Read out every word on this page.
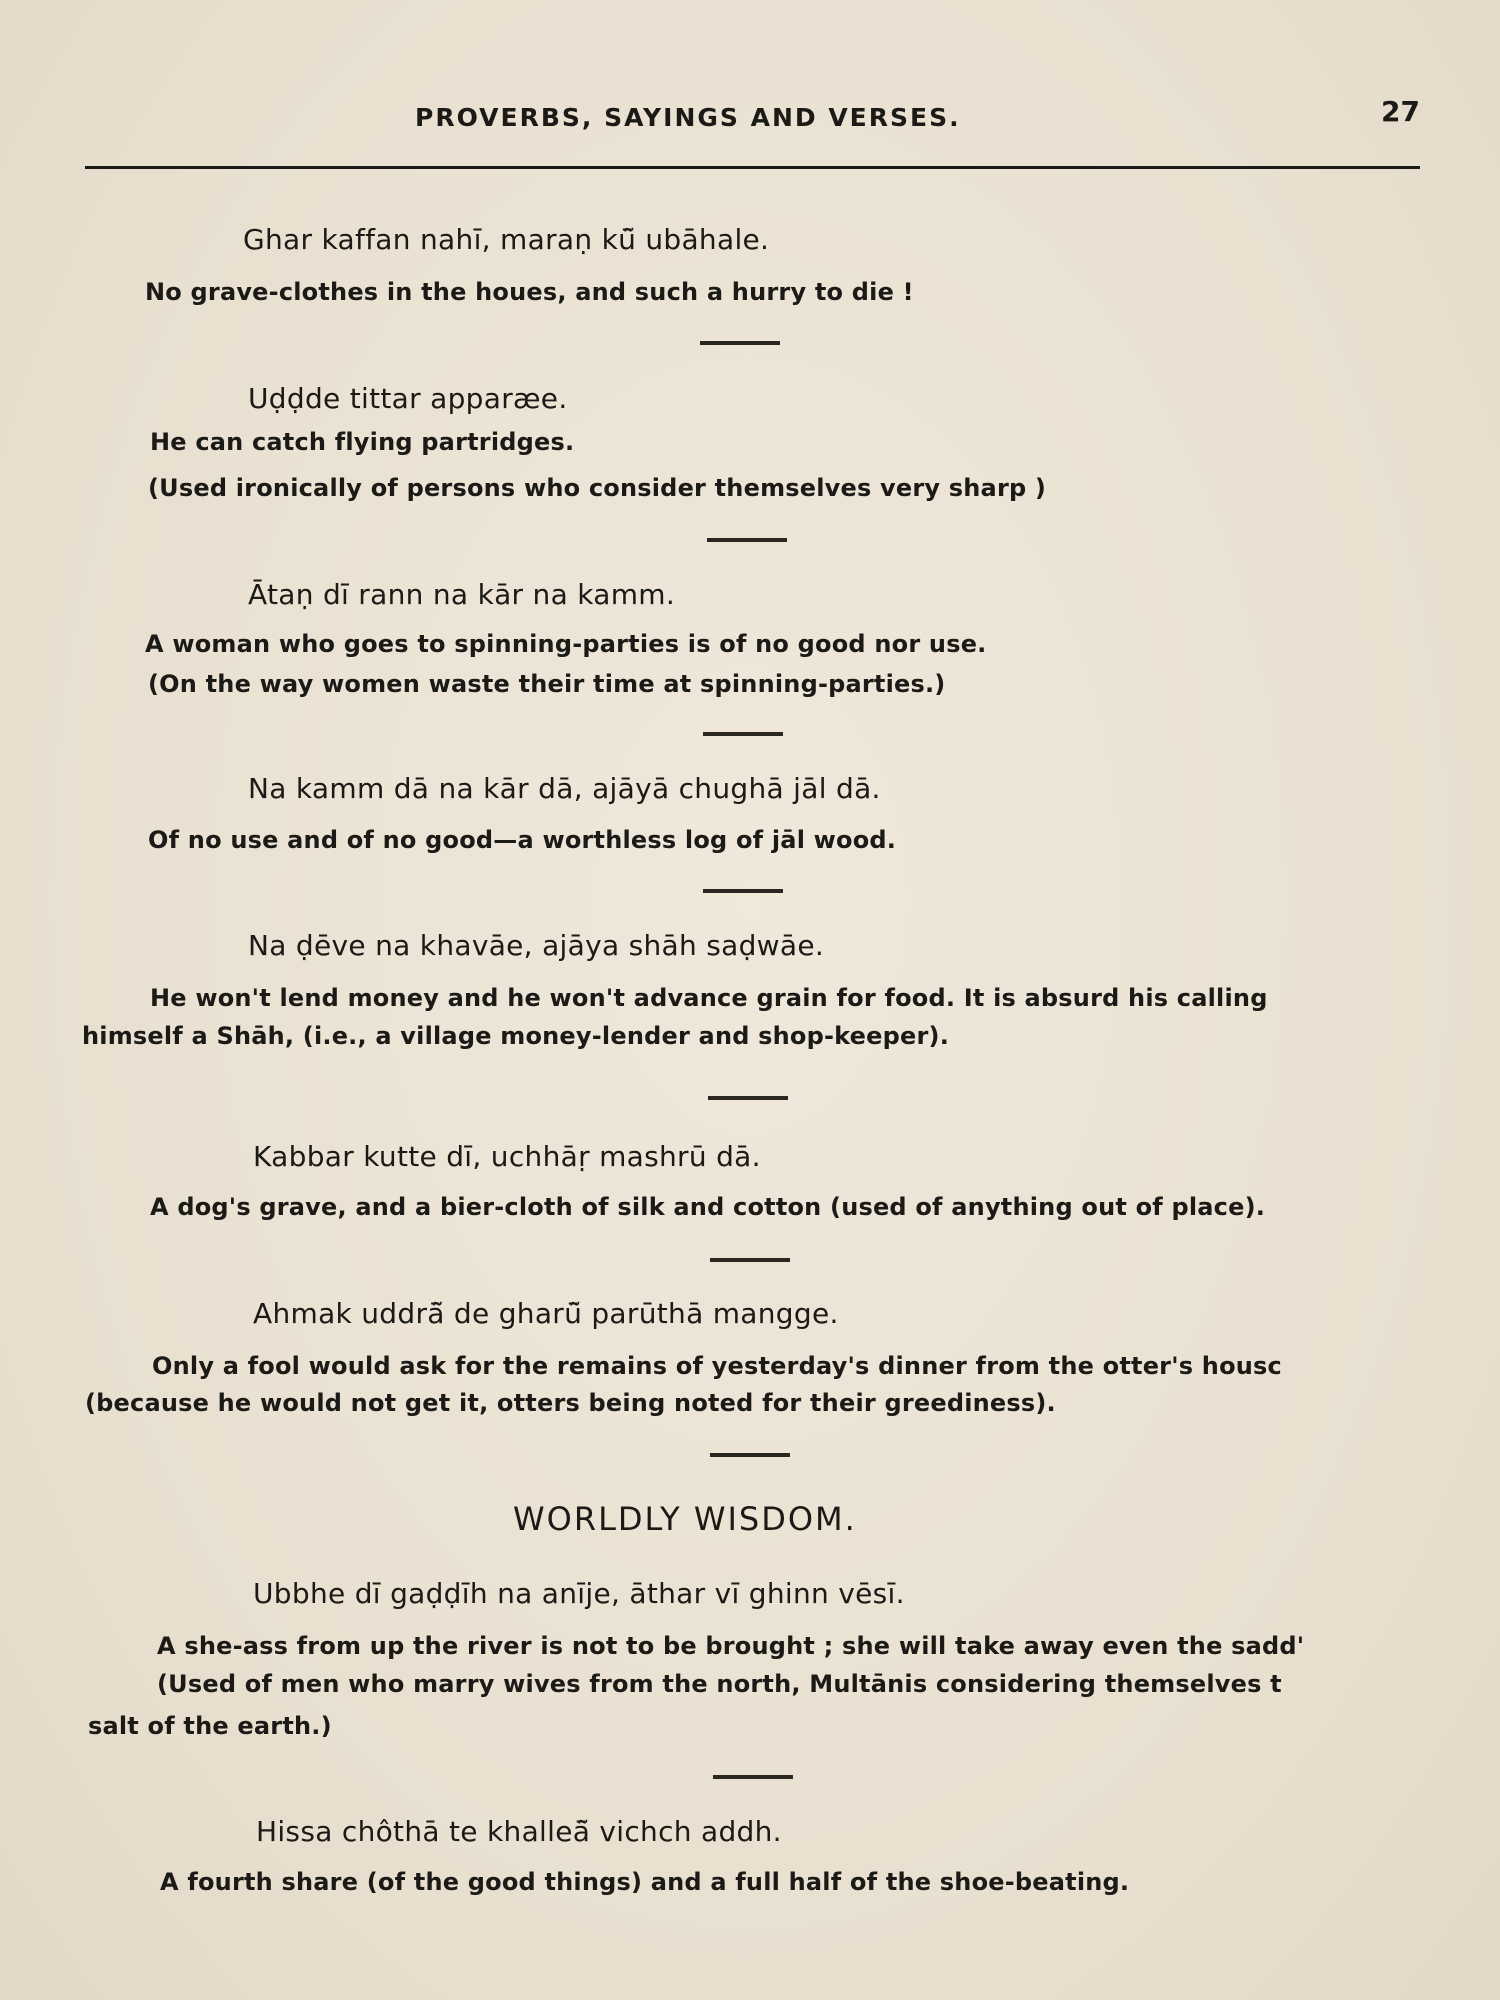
PROVERBS, SAYINGS AND VERSES.	27
Ghar kaffan nahī, maraṇ kū̃ ubāhale.
No grave-clothes in the houes, and such a hurry to die !
Uḍḍde tittar apparæe.
He can catch flying partridges.
(Used ironically of persons who consider themselves very sharp )
Ātaṇ dī rann na kār na kamm.
A woman who goes to spinning-parties is of no good nor use.
(On the way women waste their time at spinning-parties.)
Na kamm dā na kār dā, ajāyā chughā jāl dā.
Of no use and of no good—a worthless log of jāl wood.
Na ḍēve na khavāe, ajāya shāh saḍwāe.
He won't lend money and he won't advance grain for food. It is absurd his calling
himself a Shāh, (i.e., a village money-lender and shop-keeper).
Kabbar kutte dī, uchhāṛ mashrū dā.
A dog's grave, and a bier-cloth of silk and cotton (used of anything out of place).
Ahmak uddrā̃ de gharū̃ parūthā mangge.
Only a fool would ask for the remains of yesterday's dinner from the otter's housc
(because he would not get it, otters being noted for their greediness).
WORLDLY WISDOM.
Ubbhe dī gaḍḍīh na anīje, āthar vī ghinn vēsī.
A she-ass from up the river is not to be brought ; she will take away even the sadd'
(Used of men who marry wives from the north, Multānis considering themselves t
salt of the earth.)
Hissa chôthā te khalleā̃ vichch addh.
A fourth share (of the good things) and a full half of the shoe-beating.
